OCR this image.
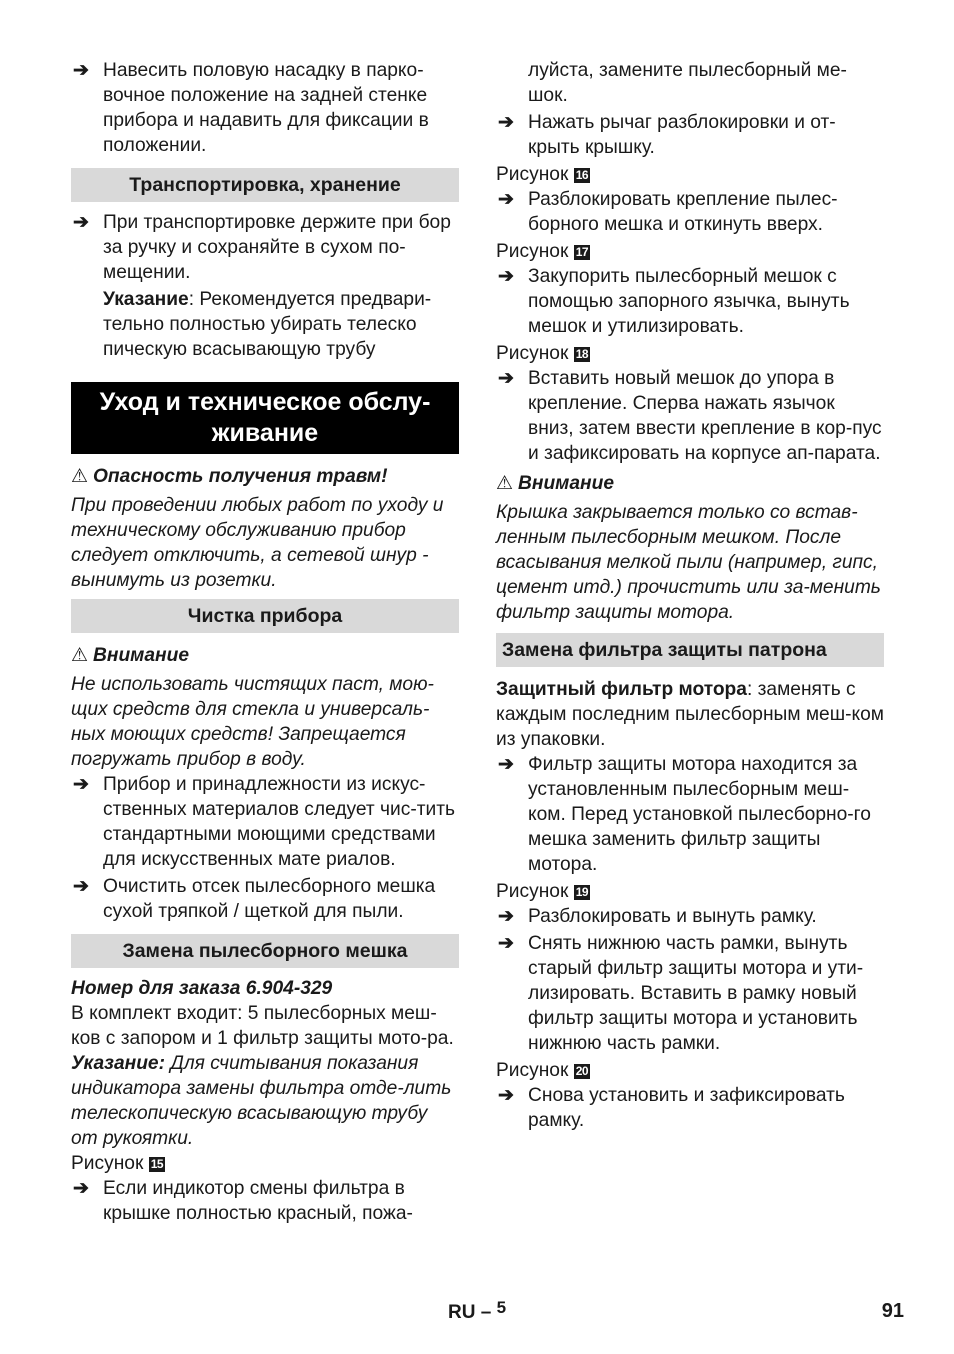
➔ Навесить половую насадку в парко-вочное положение на задней стенке прибора и надавить для фиксации в положении.

Транспортировка, хранение

➔ При транспортировке держите при бор за ручку и сохраняйте в сухом по-мещении.

Указание: Рекомендуется предвари-тельно полностью убирать телеско пическую всасывающую трубу

Уход и техническое обслу-живание

⚠ Опасность получения травм!

При проведении любых работ по уходу и техническому обслуживанию прибор следует отключить, а сетевой шнур - вынимуть из розетки.

Чистка прибора

⚠ Внимание

Не использовать чистящих паст, мою-щих средств для стекла и универсаль-ных моющих средств! Запрещается погружать прибор в воду.

➔ Прибор и принадлежности из искус-ственных материалов следует чис-тить стандартными моющими средствами для искусственных мате риалов.

➔ Очистить отсек пылесборного мешка сухой тряпкой / щеткой для пыли.

Замена пылесборного мешка

Номер для заказа 6.904-329

В комплект входит: 5 пылесборных меш-ков с запором и 1 фильтр защиты мото-ра.

Указание: Для считывания показания индикатора замены фильтра отде-лить телескопическую всасывающую трубу от рукоятки.

Рисунок 15

➔ Если индикотор смены фильтра в крышке полностью красный, пожа-

луйста, замените пылесборный ме-шок.

➔ Нажать рычаг разблокировки и от-крыть крышку.

Рисунок 16

➔ Разблокировать крепление пылес-борного мешка и откинуть вверх.

Рисунок 17

➔ Закупорить пылесборный мешок с помощью запорного язычка, вынуть мешок и утилизировать.

Рисунок 18

➔ Вставить новый мешок до упора в крепление. Сперва нажать язычок вниз, затем ввести крепление в кор-пус и зафиксировать на корпусе ап-парата.

⚠ Внимание

Крышка закрывается только со встав-ленным пылесборным мешком. После всасывания мелкой пыли (например, гипс, цемент итд.) прочистить или за-менить фильтр защиты мотора.

Замена фильтра защиты патрона

Защитный фильтр мотора: заменять с каждым последним пылесборным меш-ком из упаковки.

➔ Фильтр защиты мотора находится за установленным пылесборным меш-ком. Перед установкой пылесборно-го мешка заменить фильтр защиты мотора.

Рисунок 19

➔ Разблокировать и вынуть рамку.

➔ Снять нижнюю часть рамки, вынуть старый фильтр защиты мотора и ути-лизировать. Вставить в рамку новый фильтр защиты мотора и установить нижнюю часть рамки.

Рисунок 20

➔ Снова установить и зафиксировать рамку.

RU – 5	91
